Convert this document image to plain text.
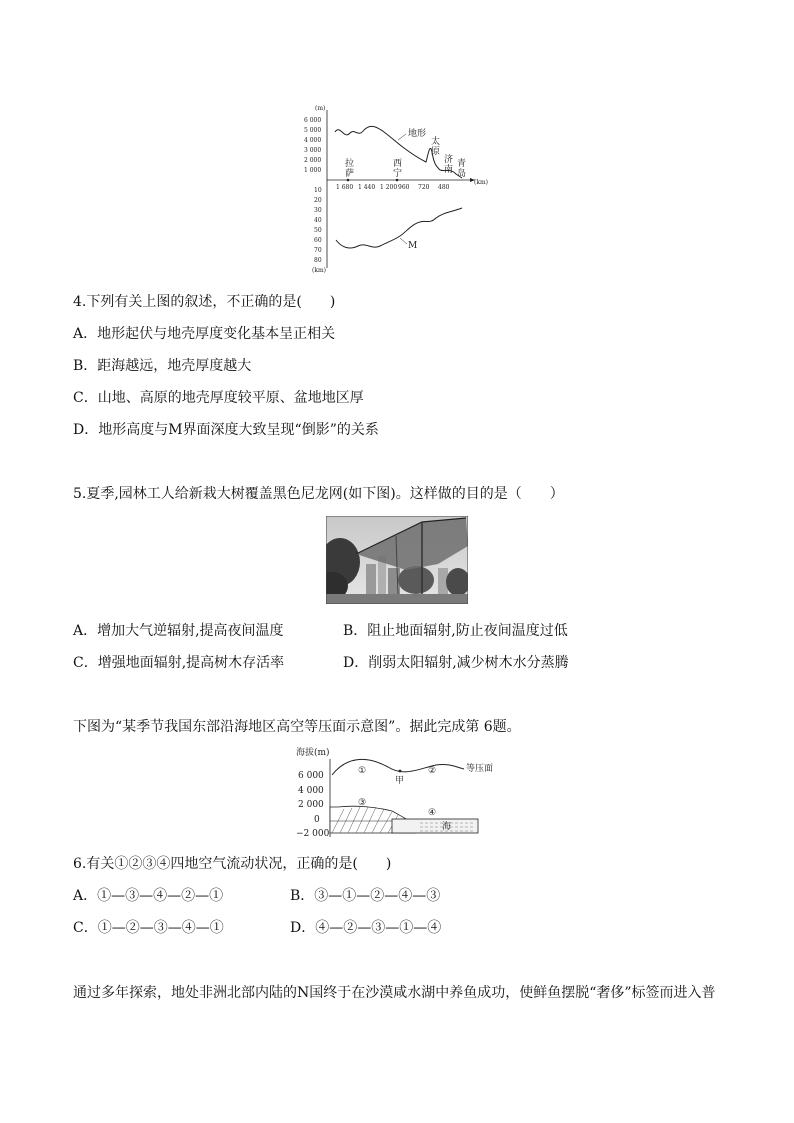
(m)
6 000
5 000
4 000
3 000
2 000
1 000
1 680 1 440 1 200 960 720 480
(km)
地形
拉
萨
西
宁
太
原
济
南
青
岛
10
20
30
40
50
60
70
80
(km)
M
4.下列有关上图的叙述，不正确的是(　　)
A．地形起伏与地壳厚度变化基本呈正相关
B．距海越远，地壳厚度越大
C．山地、高原的地壳厚度较平原、盆地地区厚
D．地形高度与M界面深度大致呈现“倒影”的关系
5.夏季,园林工人给新栽大树覆盖黑色尼龙网(如下图)。这样做的目的是（　　）
A．增加大气逆辐射,提高夜间温度	B．阻止地面辐射,防止夜间温度过低
C．增强地面辐射,提高树木存活率	D．削弱太阳辐射,减少树木水分蒸腾
下图为“某季节我国东部沿海地区高空等压面示意图”。据此完成第 6题。
海拔(m)
6 000
4 000
2 000
0
−2 000
甲
等压面
①	②
③
海
④
6.有关①②③④四地空气流动状况，正确的是(　　)
A．①—③—④—②—①	B．③—①—②—④—③
C．①—②—③—④—①	D．④—②—③—①—④
通过多年探索，地处非洲北部内陆的N国终于在沙漠咸水湖中养鱼成功，使鲜鱼摆脱“奢侈”标签而进入普
